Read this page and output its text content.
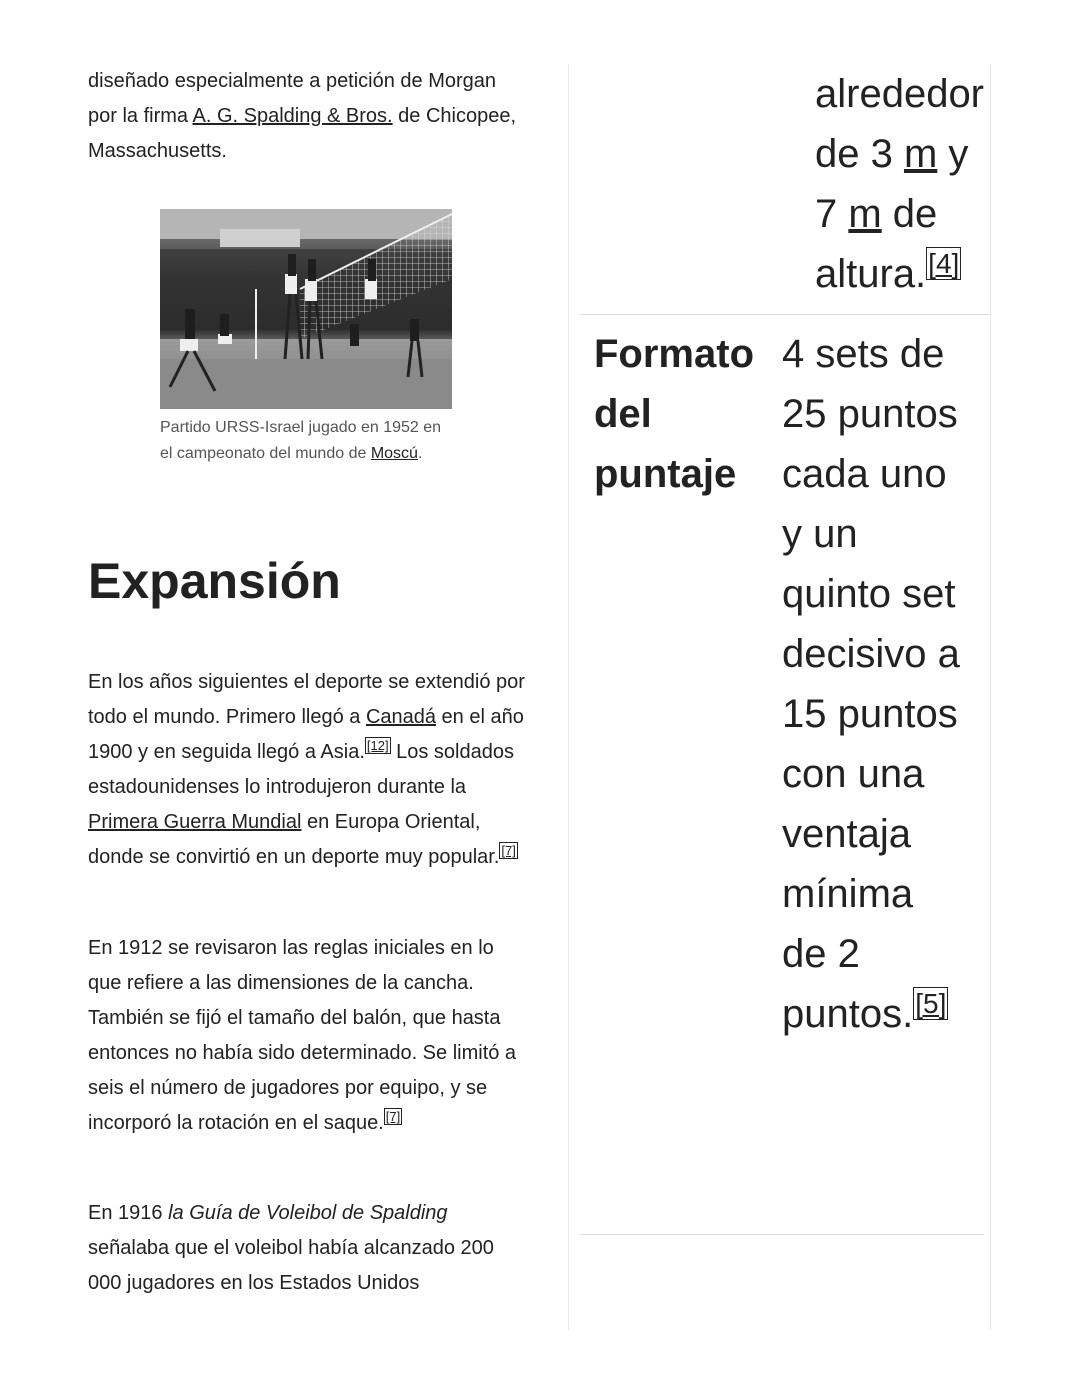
diseñado especialmente a petición de Morgan por la firma A. G. Spalding & Bros. de Chicopee, Massachusetts.

Partido URSS-Israel jugado en 1952 en el campeonato del mundo de Moscú.
Expansión

En los años siguientes el deporte se extendió por todo el mundo. Primero llegó a Canadá en el año 1900 y en seguida llegó a Asia. [12] Los soldados estadounidenses lo introdujeron durante la Primera Guerra Mundial en Europa Oriental, donde se convirtió en un deporte muy popular. [7]

En 1912 se revisaron las reglas iniciales en lo que refiere a las dimensiones de la cancha. También se fijó el tamaño del balón, que hasta entonces no había sido determinado. Se limitó a seis el número de jugadores por equipo, y se incorporó la rotación en el saque. [7]

En 1916 la Guía de Voleibol de Spalding señalaba que el voleibol había alcanzado 200 000 jugadores en los Estados Unidos

alrededor de 3 m y 7 m de altura.[4]
Formato del puntaje
4 sets de 25 puntos cada uno y un quinto set decisivo a 15 puntos con una ventaja mínima de 2 puntos.[5]
